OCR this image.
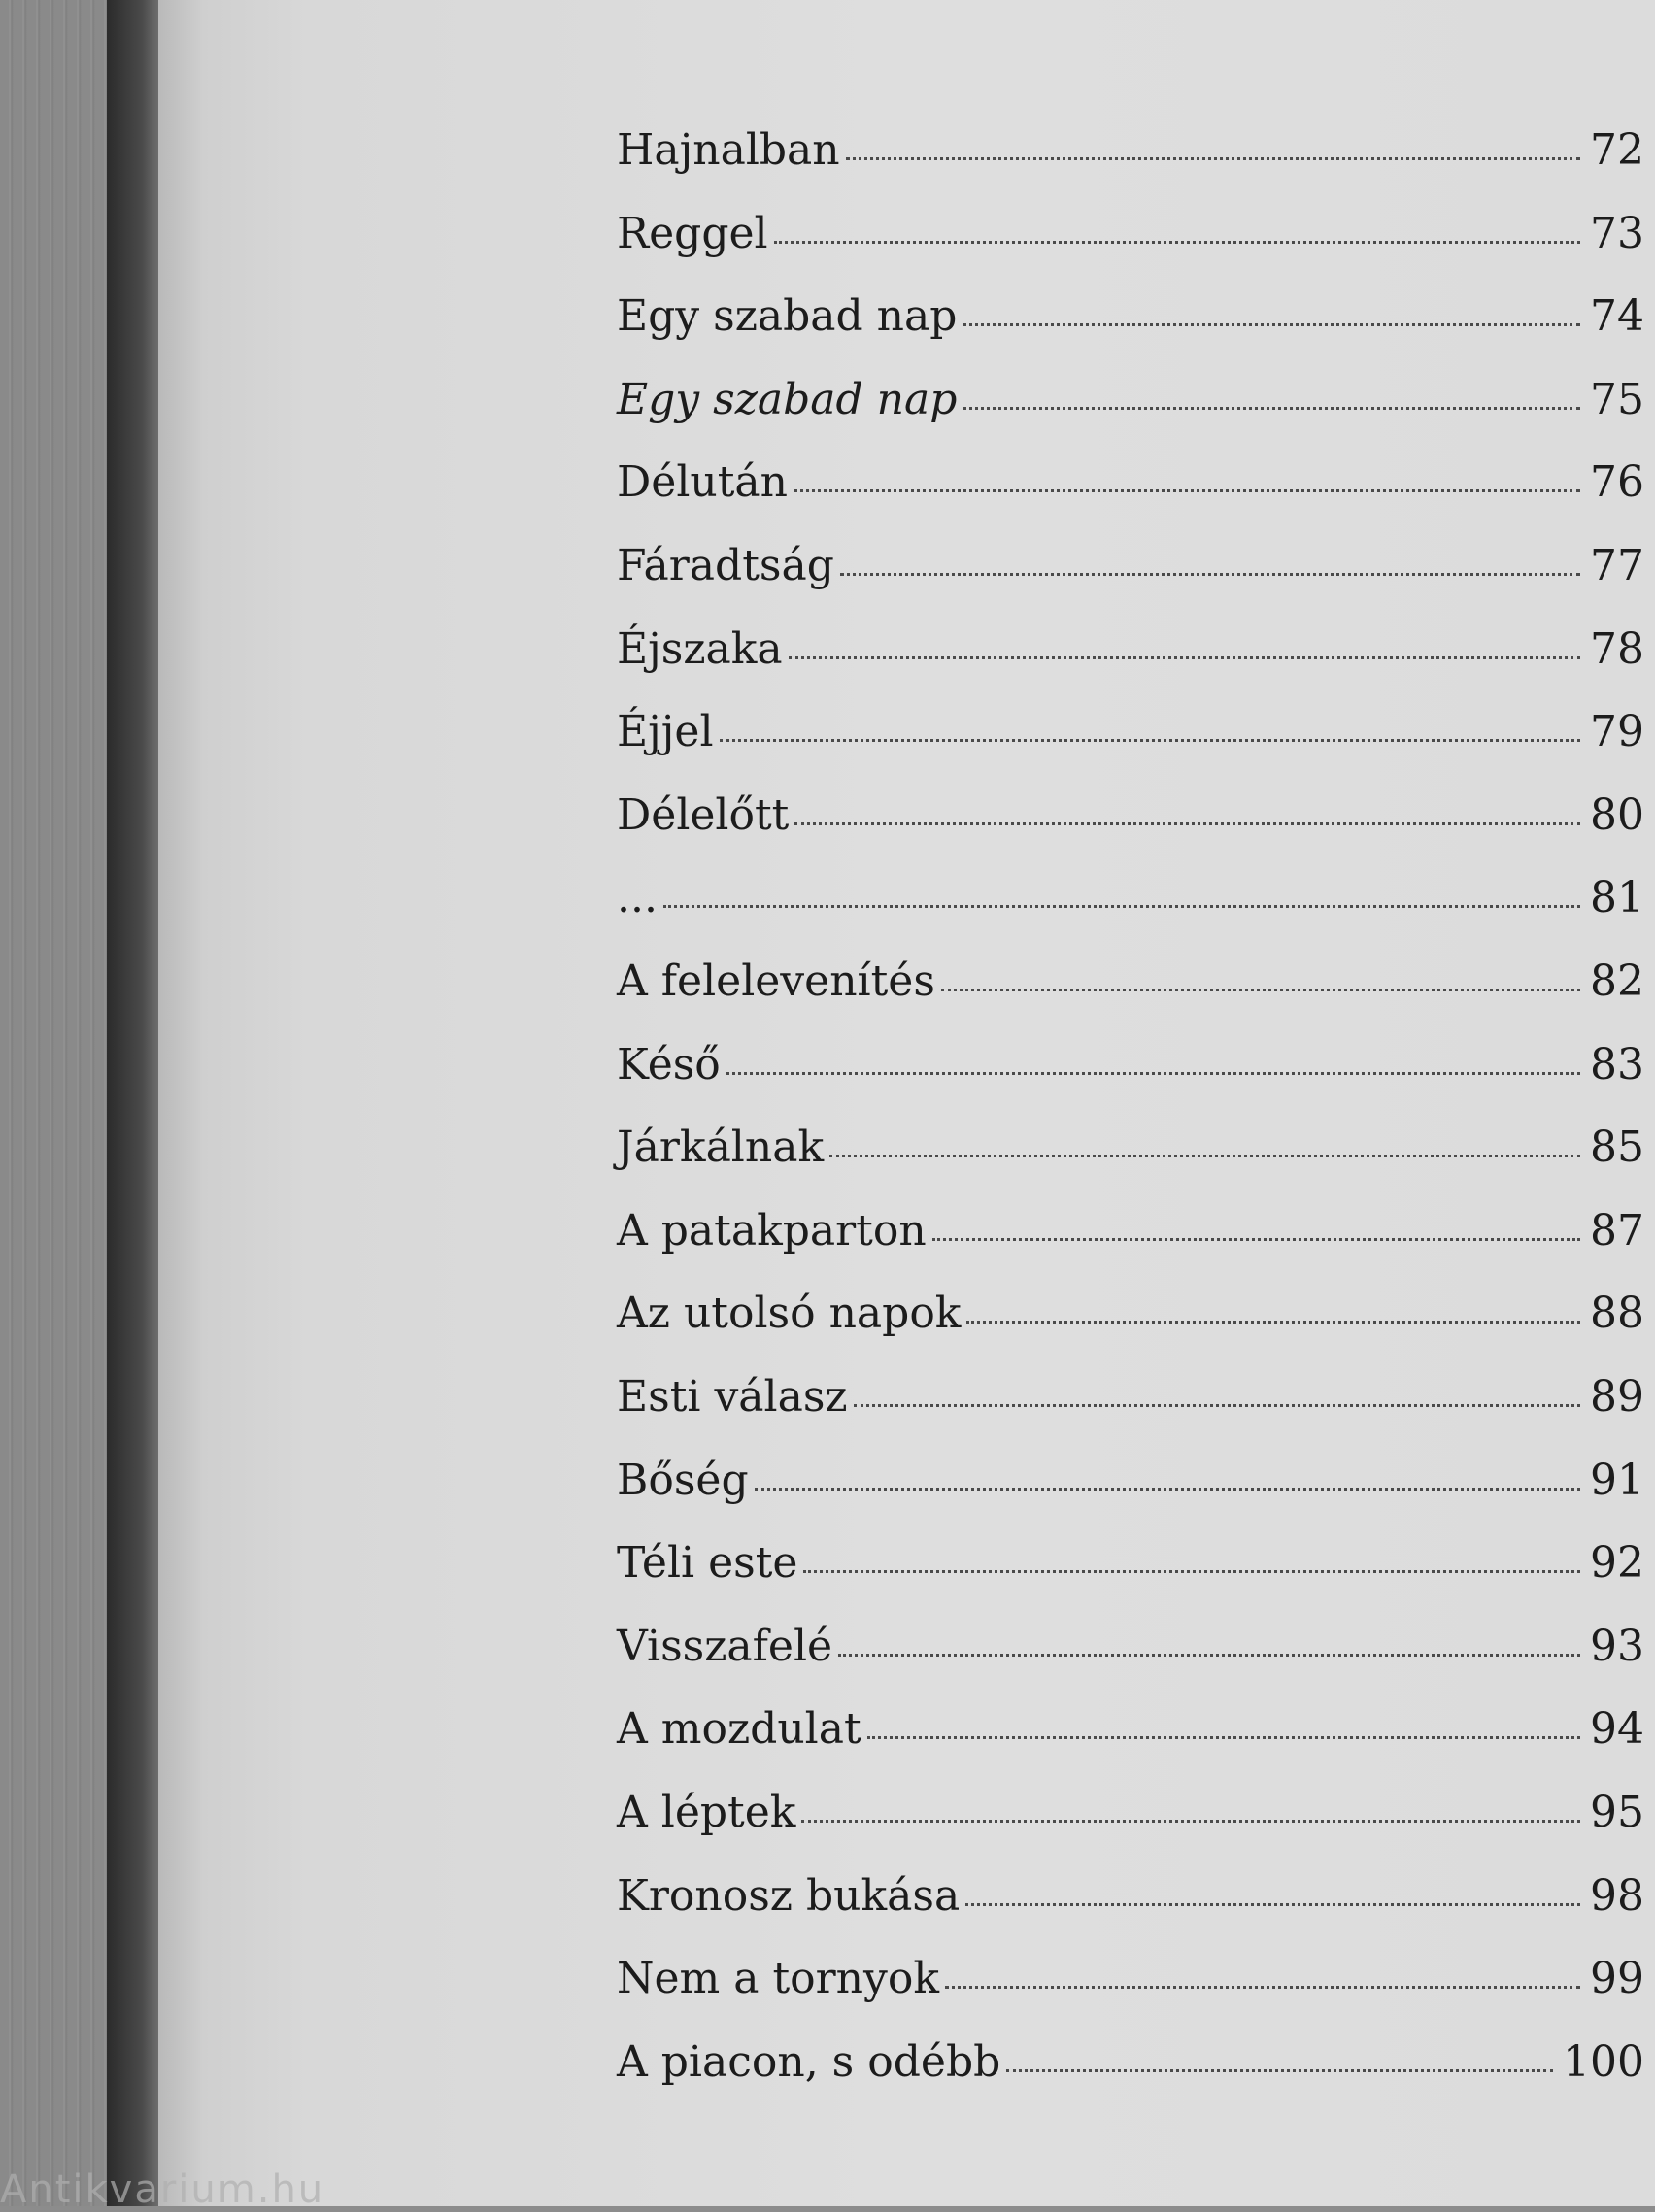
Hajnalban	72
Reggel	73
Egy szabad nap	74
Egy szabad nap	75
Délután	76
Fáradtság	77
Éjszaka	78
Éjjel	79
Délelőtt	80
...	81
A felelevenítés	82
Késő	83
Járkálnak	85
A patakparton	87
Az utolsó napok	88
Esti válasz	89
Bőség	91
Téli este	92
Visszafelé	93
A mozdulat	94
A léptek	95
Kronosz bukása	98
Nem a tornyok	99
A piacon, s odébb	100
Antikvarium.hu
